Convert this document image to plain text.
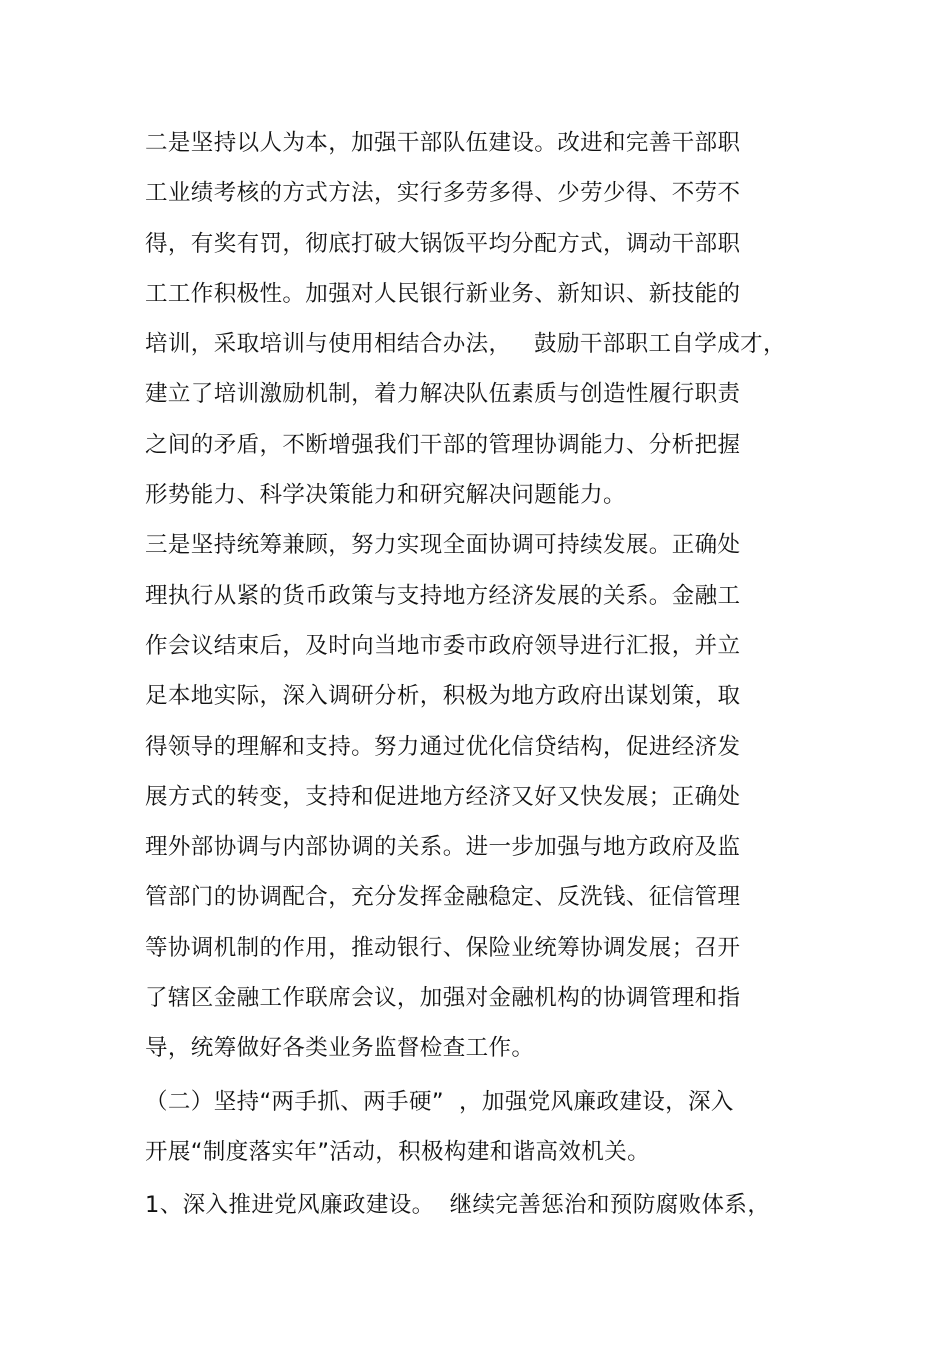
二是坚持以人为本，加强干部队伍建设。改进和完善干部职
工业绩考核的方式方法，实行多劳多得、少劳少得、不劳不
得，有奖有罚，彻底打破大锅饭平均分配方式，调动干部职
工工作积极性。加强对人民银行新业务、新知识、新技能的
培训，采取培训与使用相结合办法，   鼓励干部职工自学成才，
建立了培训激励机制，着力解决队伍素质与创造性履行职责
之间的矛盾，不断增强我们干部的管理协调能力、分析把握
形势能力、科学决策能力和研究解决问题能力。
三是坚持统筹兼顾，努力实现全面协调可持续发展。正确处
理执行从紧的货币政策与支持地方经济发展的关系。金融工
作会议结束后，及时向当地市委市政府领导进行汇报，并立
足本地实际，深入调研分析，积极为地方政府出谋划策，取
得领导的理解和支持。努力通过优化信贷结构，促进经济发
展方式的转变，支持和促进地方经济又好又快发展；正确处
理外部协调与内部协调的关系。进一步加强与地方政府及监
管部门的协调配合，充分发挥金融稳定、反洗钱、征信管理
等协调机制的作用，推动银行、保险业统筹协调发展；召开
了辖区金融工作联席会议，加强对金融机构的协调管理和指
导，统筹做好各类业务监督检查工作。
（二）坚持“两手抓、两手硬”  ，加强党风廉政建设，深入
开展“制度落实年”活动，积极构建和谐高效机关。
1、深入推进党风廉政建设。  继续完善惩治和预防腐败体系，
